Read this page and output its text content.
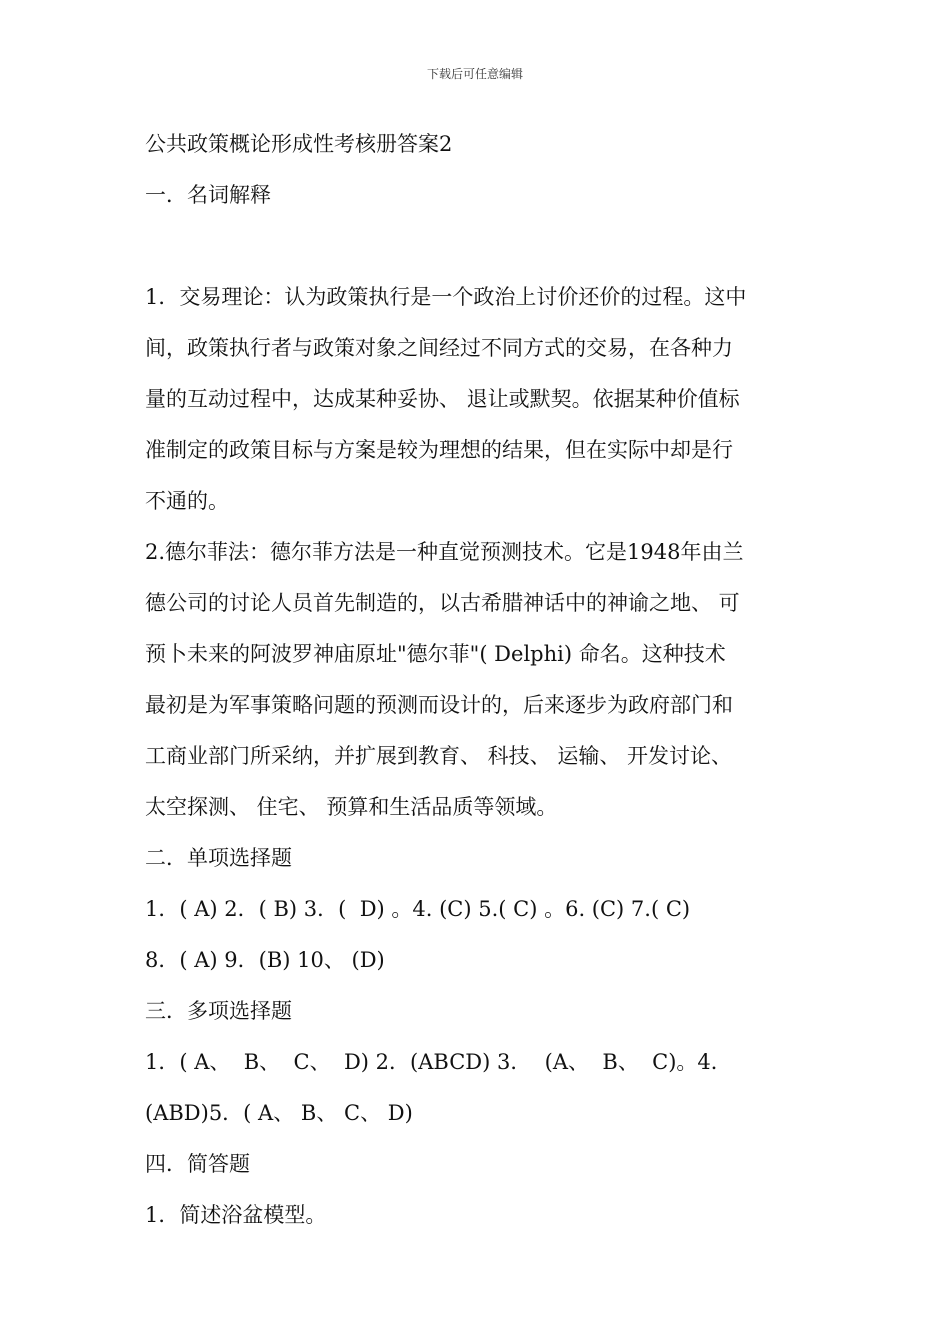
下载后可任意编辑
公共政策概论形成性考核册答案2
一．名词解释
1．交易理论：认为政策执行是一个政治上讨价还价的过程。这中
间，政策执行者与政策对象之间经过不同方式的交易，在各种力
量的互动过程中，达成某种妥协、 退让或默契。依据某种价值标
准制定的政策目标与方案是较为理想的结果，但在实际中却是行
不通的。
2.德尔菲法：德尔菲方法是一种直觉预测技术。它是1948年由兰
德公司的讨论人员首先制造的，以古希腊神话中的神谕之地、 可
预卜未来的阿波罗神庙原址"德尔菲"( Delphi) 命名。这种技术
最初是为军事策略问题的预测而设计的，后来逐步为政府部门和
工商业部门所采纳，并扩展到教育、 科技、 运输、 开发讨论、
太空探测、 住宅、 预算和生活品质等领域。
二．单项选择题
1．( A) 2．( B) 3．(  D) 。4. (C) 5.( C) 。6. (C) 7.( C)
8．( A) 9．(B) 10、 (D)
三．多项选择题
1．( A、  B、  C、  D) 2．(ABCD) 3．  (A、  B、  C)。4．
(ABD)5．( A、 B、 C、 D)
四．简答题
1．简述浴盆模型。
